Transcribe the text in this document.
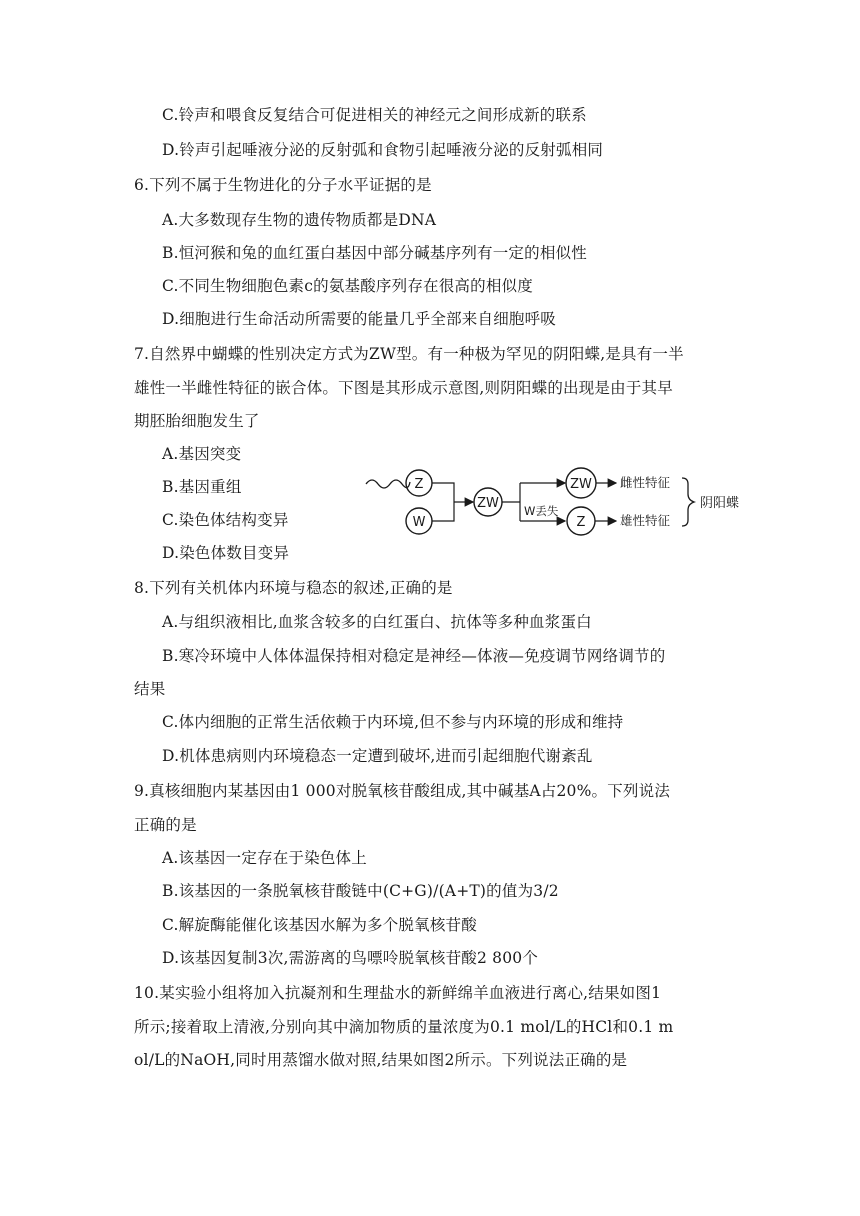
C.铃声和喂食反复结合可促进相关的神经元之间形成新的联系
D.铃声引起唾液分泌的反射弧和食物引起唾液分泌的反射弧相同
6.下列不属于生物进化的分子水平证据的是
A.大多数现存生物的遗传物质都是DNA
B.恒河猴和兔的血红蛋白基因中部分碱基序列有一定的相似性
C.不同生物细胞色素c的氨基酸序列存在很高的相似度
D.细胞进行生命活动所需要的能量几乎全部来自细胞呼吸
7.自然界中蝴蝶的性别决定方式为ZW型。有一种极为罕见的阴阳蝶,是具有一半
雄性一半雌性特征的嵌合体。下图是其形成示意图,则阴阳蝶的出现是由于其早
期胚胎细胞发生了
A.基因突变
B.基因重组
C.染色体结构变异
D.染色体数目变异
Z
W
ZW W丢失
ZW
Z
雌性特征
雄性特征
阴阳蝶
8.下列有关机体内环境与稳态的叙述,正确的是
A.与组织液相比,血浆含较多的白红蛋白、抗体等多种血浆蛋白
B.寒冷环境中人体体温保持相对稳定是神经—体液—免疫调节网络调节的
结果
C.体内细胞的正常生活依赖于内环境,但不参与内环境的形成和维持
D.机体患病则内环境稳态一定遭到破坏,进而引起细胞代谢紊乱
9.真核细胞内某基因由1 000对脱氧核苷酸组成,其中碱基A占20%。下列说法
正确的是
A.该基因一定存在于染色体上
B.该基因的一条脱氧核苷酸链中(C+G)/(A+T)的值为3/2
C.解旋酶能催化该基因水解为多个脱氧核苷酸
D.该基因复制3次,需游离的鸟嘌呤脱氧核苷酸2 800个
10.某实验小组将加入抗凝剂和生理盐水的新鲜绵羊血液进行离心,结果如图1
所示;接着取上清液,分别向其中滴加物质的量浓度为0.1 mol/L的HCl和0.1 m
ol/L的NaOH,同时用蒸馏水做对照,结果如图2所示。下列说法正确的是
